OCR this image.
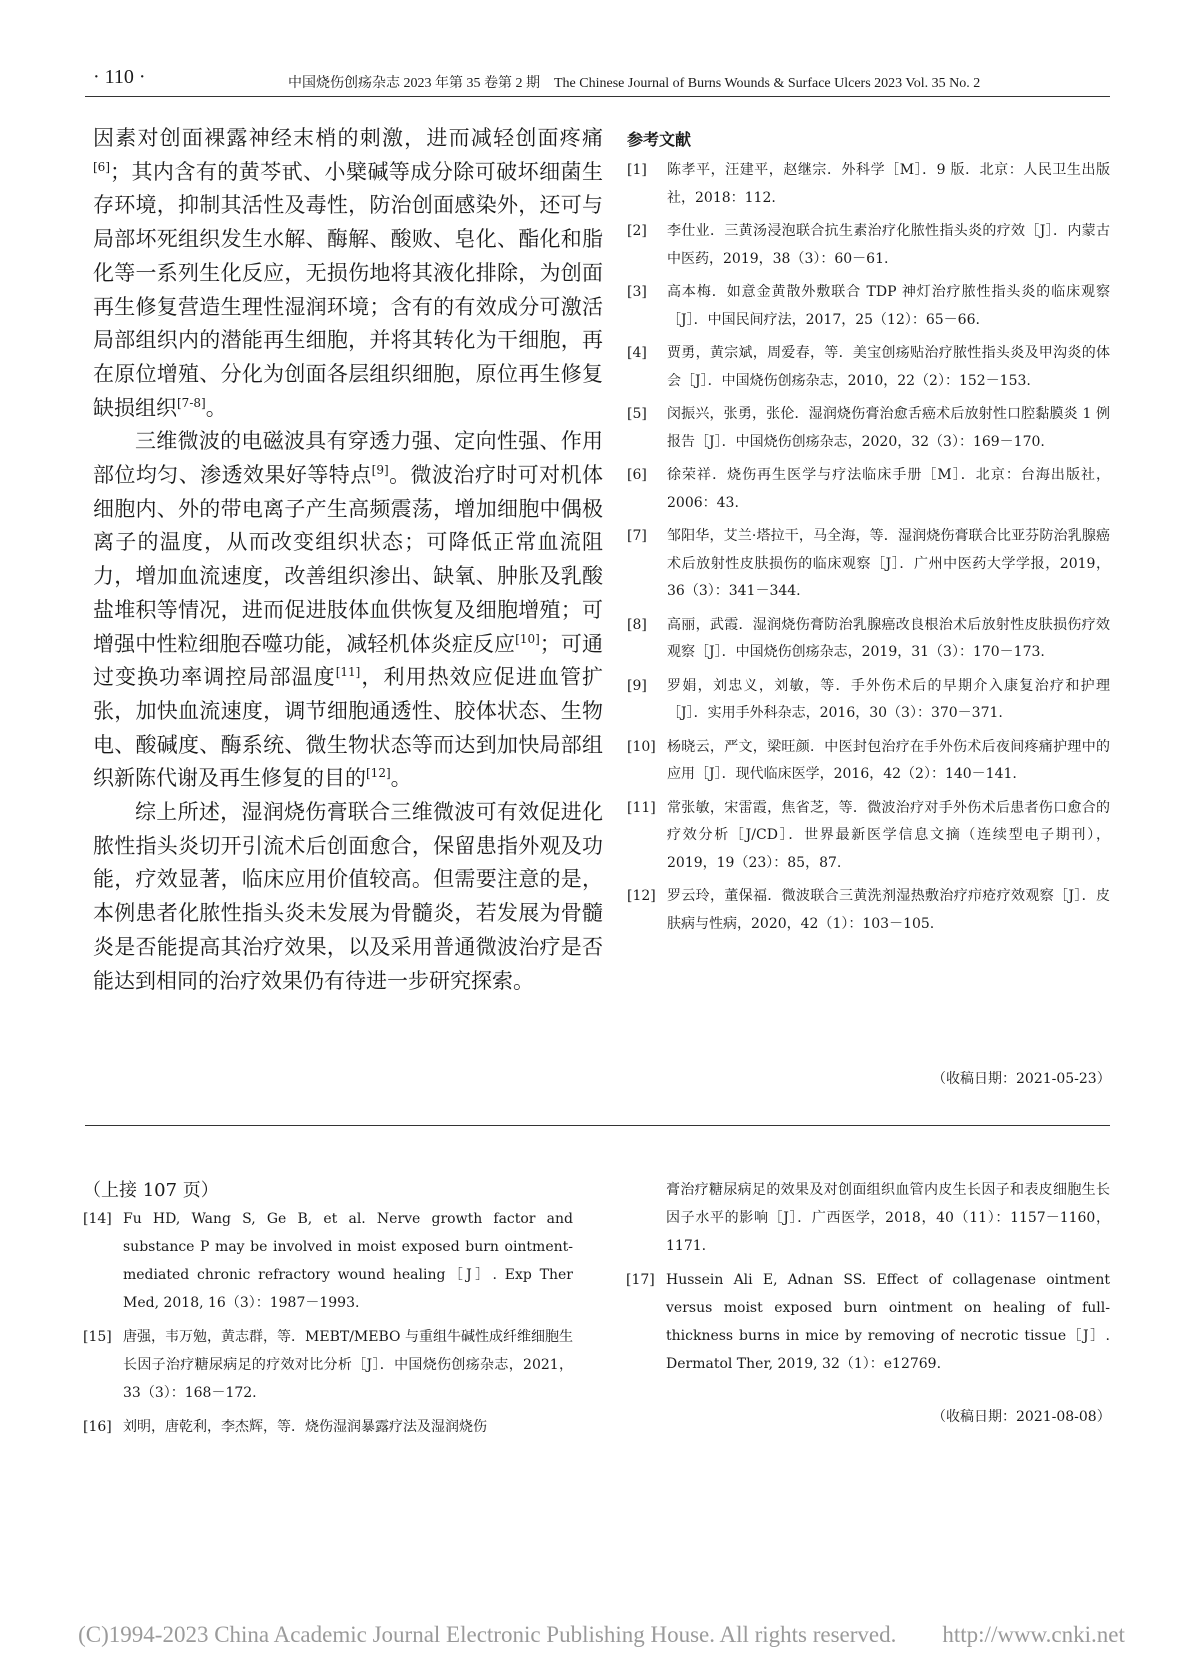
· 110 ·	中国烧伤创疡杂志 2023 年第 35 卷第 2 期　The Chinese Journal of Burns Wounds & Surface Ulcers 2023 Vol. 35 No. 2

因素对创面裸露神经末梢的刺激，进而减轻创面疼痛[6]；其内含有的黄芩甙、小檗碱等成分除可破坏细菌生存环境，抑制其活性及毒性，防治创面感染外，还可与局部坏死组织发生水解、酶解、酸败、皂化、酯化和脂化等一系列生化反应，无损伤地将其液化排除，为创面再生修复营造生理性湿润环境；含有的有效成分可激活局部组织内的潜能再生细胞，并将其转化为干细胞，再在原位增殖、分化为创面各层组织细胞，原位再生修复缺损组织[7-8]。

三维微波的电磁波具有穿透力强、定向性强、作用部位均匀、渗透效果好等特点[9]。微波治疗时可对机体细胞内、外的带电离子产生高频震荡，增加细胞中偶极离子的温度，从而改变组织状态；可降低正常血流阻力，增加血流速度，改善组织渗出、缺氧、肿胀及乳酸盐堆积等情况，进而促进肢体血供恢复及细胞增殖；可增强中性粒细胞吞噬功能，减轻机体炎症反应[10]；可通过变换功率调控局部温度[11]，利用热效应促进血管扩张，加快血流速度，调节细胞通透性、胶体状态、生物电、酸碱度、酶系统、微生物状态等而达到加快局部组织新陈代谢及再生修复的目的[12]。

综上所述，湿润烧伤膏联合三维微波可有效促进化脓性指头炎切开引流术后创面愈合，保留患指外观及功能，疗效显著，临床应用价值较高。但需要注意的是，本例患者化脓性指头炎未发展为骨髓炎，若发展为骨髓炎是否能提高其治疗效果，以及采用普通微波治疗是否能达到相同的治疗效果仍有待进一步研究探索。

参考文献
[1] 陈孝平，汪建平，赵继宗．外科学［M］．9 版．北京：人民卫生出版社，2018：112.
[2] 李仕业．三黄汤浸泡联合抗生素治疗化脓性指头炎的疗效［J］．内蒙古中医药，2019，38（3）：60－61.
[3] 高本梅．如意金黄散外敷联合 TDP 神灯治疗脓性指头炎的临床观察［J］．中国民间疗法，2017，25（12）：65－66.
[4] 贾勇，黄宗斌，周爱春，等．美宝创疡贴治疗脓性指头炎及甲沟炎的体会［J］．中国烧伤创疡杂志，2010，22（2）：152－153.
[5] 闵振兴，张勇，张伦．湿润烧伤膏治愈舌癌术后放射性口腔黏膜炎 1 例报告［J］．中国烧伤创疡杂志，2020，32（3）：169－170.
[6] 徐荣祥．烧伤再生医学与疗法临床手册［M］．北京：台海出版社，2006：43.
[7] 邹阳华，艾兰·塔拉干，马全海，等．湿润烧伤膏联合比亚芬防治乳腺癌术后放射性皮肤损伤的临床观察［J］．广州中医药大学学报，2019，36（3）：341－344.
[8] 高丽，武霞．湿润烧伤膏防治乳腺癌改良根治术后放射性皮肤损伤疗效观察［J］．中国烧伤创疡杂志，2019，31（3）：170－173.
[9] 罗娟，刘忠义，刘敏，等．手外伤术后的早期介入康复治疗和护理［J］．实用手外科杂志，2016，30（3）：370－371.
[10] 杨晓云，严文，梁旺颜．中医封包治疗在手外伤术后夜间疼痛护理中的应用［J］．现代临床医学，2016，42（2）：140－141.
[11] 常张敏，宋雷霞，焦省芝，等．微波治疗对手外伤术后患者伤口愈合的疗效分析［J/CD］．世界最新医学信息文摘（连续型电子期刊），2019，19（23）：85，87.
[12] 罗云玲，董保福．微波联合三黄洗剂湿热敷治疗疖疮疗效观察［J］．皮肤病与性病，2020，42（1）：103－105.
（收稿日期：2021-05-23）
（上接 107 页）
[14] Fu HD, Wang S, Ge B, et al. Nerve growth factor and substance P may be involved in moist exposed burn ointment-mediated chronic refractory wound healing［J］. Exp Ther Med, 2018, 16（3）：1987－1993.
[15] 唐强，韦万勉，黄志群，等．MEBT/MEBO 与重组牛碱性成纤维细胞生长因子治疗糖尿病足的疗效对比分析［J］．中国烧伤创疡杂志，2021，33（3）：168－172.
[16] 刘明，唐乾利，李杰辉，等．烧伤湿润暴露疗法及湿润烧伤
膏治疗糖尿病足的效果及对创面组织血管内皮生长因子和表皮细胞生长因子水平的影响［J］．广西医学，2018，40（11）：1157－1160，1171.
[17] Hussein Ali E, Adnan SS. Effect of collagenase ointment versus moist exposed burn ointment on healing of full-thickness burns in mice by removing of necrotic tissue［J］. Dermatol Ther, 2019, 32（1）：e12769.
（收稿日期：2021-08-08）
(C)1994-2023 China Academic Journal Electronic Publishing House. All rights reserved.　　http://www.cnki.net
